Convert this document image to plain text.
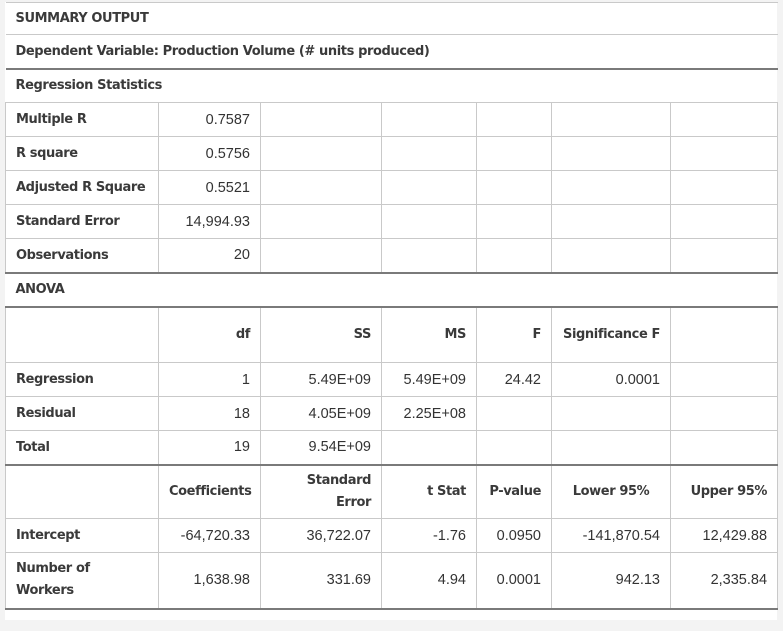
SUMMARY OUTPUT						
Dependent Variable: Production Volume (# units produced)						
Regression Statistics						
Multiple R	0.7587					
R square	0.5756					
Adjusted R Square	0.5521					
Standard Error	14,994.93					
Observations	20					
ANOVA						
	df	SS	MS	F	Significance F	
Regression	1	5.49E+09	5.49E+09	24.42	0.0001	
Residual	18	4.05E+09	2.25E+08			
Total	19	9.54E+09				
	Coefficients	Standard Error	t Stat	P-value	Lower 95%	Upper 95%
Intercept	-64,720.33	36,722.07	-1.76	0.0950	-141,870.54	12,429.88
Number of Workers	1,638.98	331.69	4.94	0.0001	942.13	2,335.84
